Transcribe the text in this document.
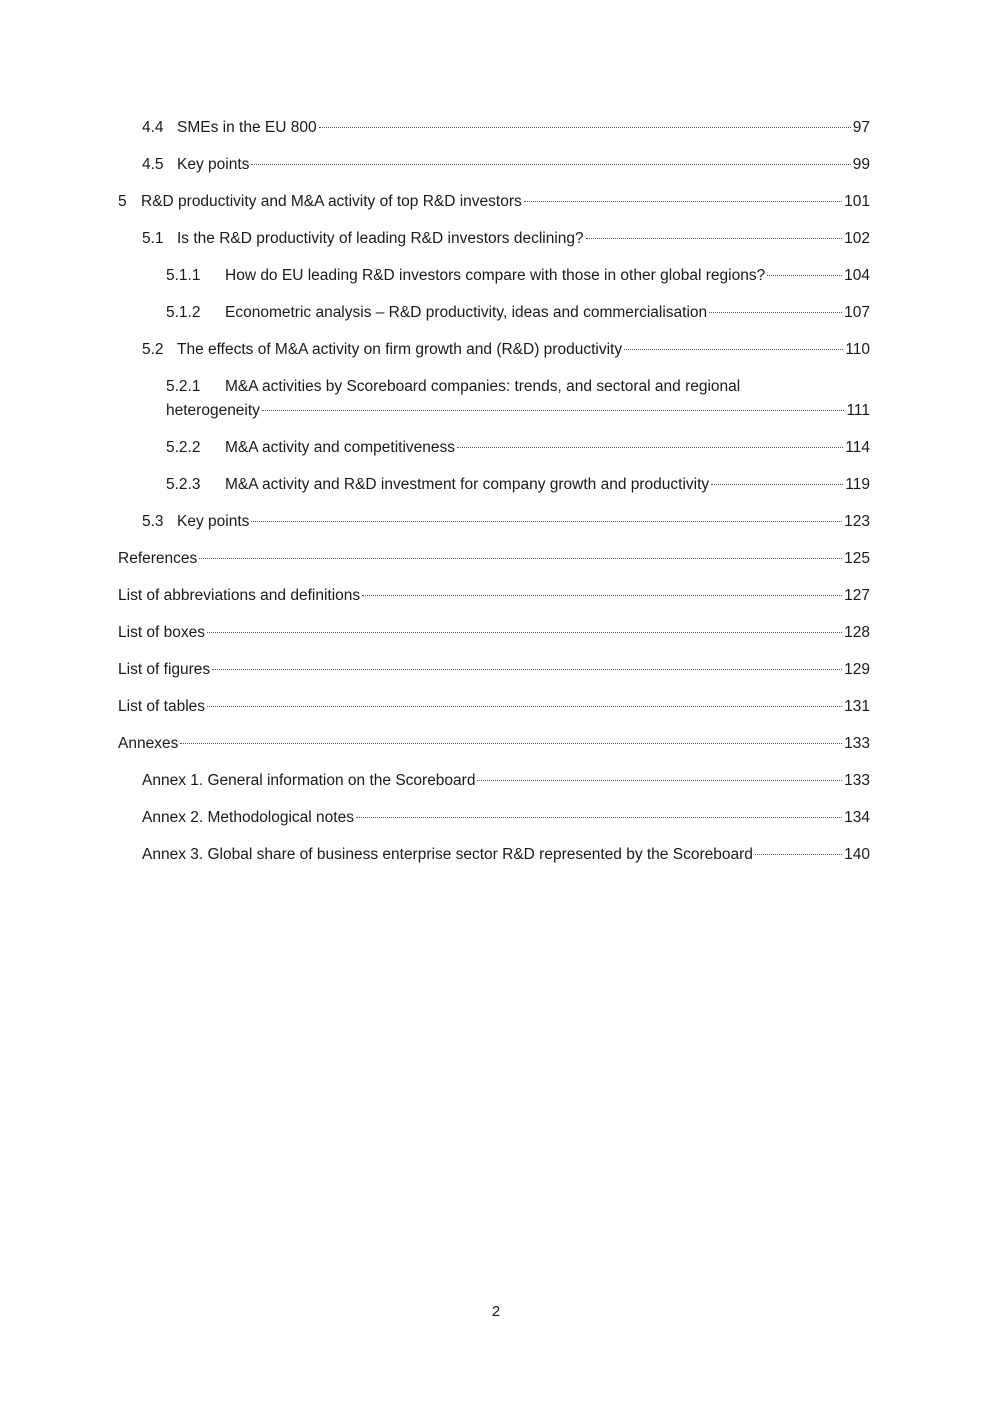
4.4 SMEs in the EU 800	97
4.5 Key points	99
5 R&D productivity and M&A activity of top R&D investors	101
5.1 Is the R&D productivity of leading R&D investors declining?	102
5.1.1	How do EU leading R&D investors compare with those in other global regions?	104
5.1.2	Econometric analysis – R&D productivity, ideas and commercialisation	107
5.2 The effects of M&A activity on firm growth and (R&D) productivity	110
5.2.1 M&A activities by Scoreboard companies: trends, and sectoral and regional
heterogeneity	111
5.2.2	M&A activity and competitiveness	114
5.2.3	M&A activity and R&D investment for company growth and productivity	119
5.3 Key points	123
References	125
List of abbreviations and definitions	127
List of boxes	128
List of figures	129
List of tables	131
Annexes	133
Annex 1. General information on the Scoreboard	133
Annex 2. Methodological notes	134
Annex 3. Global share of business enterprise sector R&D represented by the Scoreboard	140
2
